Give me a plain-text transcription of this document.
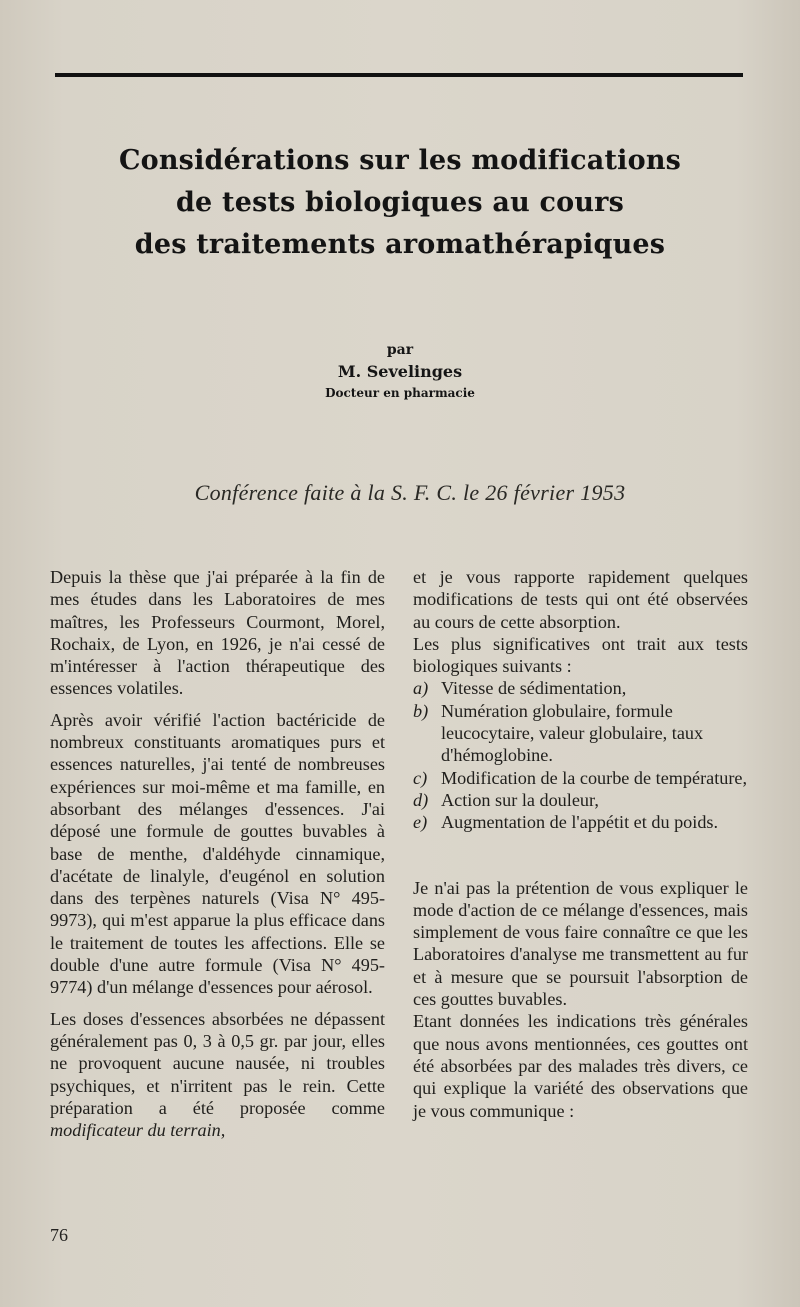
Considérations sur les modifications
de tests biologiques au cours
des traitements aromathérapiques
par
M. Sevelinges
Docteur en pharmacie
Conférence faite à la S. F. C. le 26 février 1953

Depuis la thèse que j'ai préparée à la fin de mes études dans les Laboratoires de mes maîtres, les Professeurs Courmont, Morel, Rochaix, de Lyon, en 1926, je n'ai cessé de m'intéresser à l'action thérapeutique des essences volatiles.

Après avoir vérifié l'action bactéricide de nombreux constituants aromatiques purs et essences naturelles, j'ai tenté de nombreuses expériences sur moi-même et ma famille, en absorbant des mélanges d'essences. J'ai déposé une formule de gouttes buvables à base de menthe, d'aldéhyde cinnamique, d'acétate de linalyle, d'eugénol en solution dans des terpènes naturels (Visa N° 495-9973), qui m'est apparue la plus efficace dans le traitement de toutes les affections. Elle se double d'une autre formule (Visa N° 495-9774) d'un mélange d'essences pour aérosol.

Les doses d'essences absorbées ne dépassent généralement pas 0, 3 à 0,5 gr. par jour, elles ne provoquent aucune nausée, ni troubles psychiques, et n'irritent pas le rein. Cette préparation a été proposée comme modificateur du terrain,

et je vous rapporte rapidement quelques modifications de tests qui ont été observées au cours de cette absorption.

Les plus significatives ont trait aux tests biologiques suivants :

a) Vitesse de sédimentation,
b) Numération globulaire, formule leucocytaire, valeur globulaire, taux d'hémoglobine.
c) Modification de la courbe de température,
d) Action sur la douleur,
e) Augmentation de l'appétit et du poids.

Je n'ai pas la prétention de vous expliquer le mode d'action de ce mélange d'essences, mais simplement de vous faire connaître ce que les Laboratoires d'analyse me transmettent au fur et à mesure que se poursuit l'absorption de ces gouttes buvables.

Etant données les indications très générales que nous avons mentionnées, ces gouttes ont été absorbées par des malades très divers, ce qui explique la variété des observations que je vous communique :

76
